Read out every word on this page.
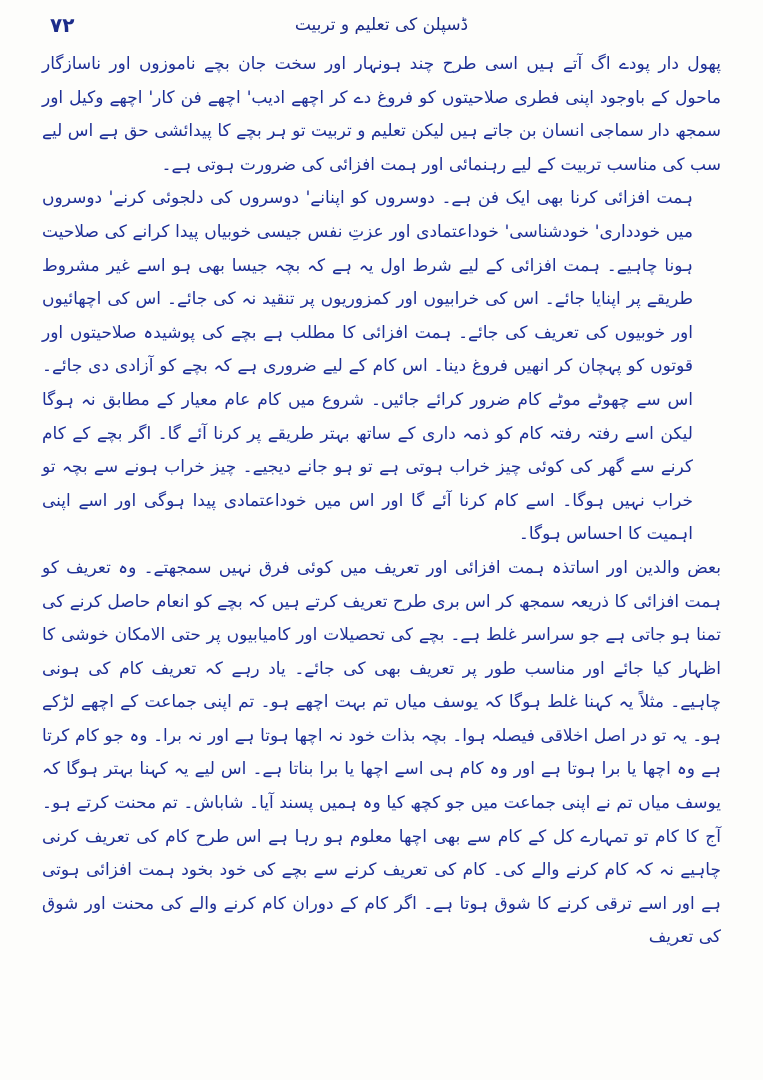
ڈسپلن کی تعلیم و تربیت
۷۲

پھول دار پودے اگ آتے ہیں اسی طرح چند ہونہار اور سخت جان بچے ناموزوں اور ناسازگار ماحول کے باوجود اپنی فطری صلاحیتوں کو فروغ دے کر اچھے ادیب' اچھے فن کار' اچھے وکیل اور سمجھ دار سماجی انسان بن جاتے ہیں لیکن تعلیم و تربیت تو ہر بچے کا پیدائشی حق ہے اس لیے سب کی مناسب تربیت کے لیے رہنمائی اور ہمت افزائی کی ضرورت ہوتی ہے۔

ہمت افزائی کرنا بھی ایک فن ہے۔ دوسروں کو اپنانے' دوسروں کی دلجوئی کرنے' دوسروں میں خودداری' خودشناسی' خوداعتمادی اور عزتِ نفس جیسی خوبیاں پیدا کرانے کی صلاحیت ہونا چاہیے۔ ہمت افزائی کے لیے شرط اول یہ ہے کہ بچہ جیسا بھی ہو اسے غیر مشروط طریقے پر اپنایا جائے۔ اس کی خرابیوں اور کمزوریوں پر تنقید نہ کی جائے۔ اس کی اچھائیوں اور خوبیوں کی تعریف کی جائے۔ ہمت افزائی کا مطلب ہے بچے کی پوشیدہ صلاحیتوں اور قوتوں کو پہچان کر انھیں فروغ دینا۔ اس کام کے لیے ضروری ہے کہ بچے کو آزادی دی جائے۔ اس سے چھوٹے موٹے کام ضرور کرائے جائیں۔ شروع میں کام عام معیار کے مطابق نہ ہوگا لیکن اسے رفتہ رفتہ کام کو ذمہ داری کے ساتھ بہتر طریقے پر کرنا آئے گا۔ اگر بچے کے کام کرنے سے گھر کی کوئی چیز خراب ہوتی ہے تو ہو جانے دیجیے۔ چیز خراب ہونے سے بچہ تو خراب نہیں ہوگا۔ اسے کام کرنا آئے گا اور اس میں خوداعتمادی پیدا ہوگی اور اسے اپنی اہمیت کا احساس ہوگا۔

بعض والدین اور اساتذہ ہمت افزائی اور تعریف میں کوئی فرق نہیں سمجھتے۔ وہ تعریف کو ہمت افزائی کا ذریعہ سمجھ کر اس بری طرح تعریف کرتے ہیں کہ بچے کو انعام حاصل کرنے کی تمنا ہو جاتی ہے جو سراسر غلط ہے۔ بچے کی تحصیلات اور کامیابیوں پر حتی الامکان خوشی کا اظہار کیا جائے اور مناسب طور پر تعریف بھی کی جائے۔ یاد رہے کہ تعریف کام کی ہونی چاہیے۔ مثلاً یہ کہنا غلط ہوگا کہ یوسف میاں تم بہت اچھے ہو۔ تم اپنی جماعت کے اچھے لڑکے ہو۔ یہ تو در اصل اخلاقی فیصلہ ہوا۔ بچہ بذات خود نہ اچھا ہوتا ہے اور نہ برا۔ وہ جو کام کرتا ہے وہ اچھا یا برا ہوتا ہے اور وہ کام ہی اسے اچھا یا برا بناتا ہے۔ اس لیے یہ کہنا بہتر ہوگا کہ یوسف میاں تم نے اپنی جماعت میں جو کچھ کیا وہ ہمیں پسند آیا۔ شاباش۔ تم محنت کرتے ہو۔ آج کا کام تو تمہارے کل کے کام سے بھی اچھا معلوم ہو رہا ہے اس طرح کام کی تعریف کرنی چاہیے نہ کہ کام کرنے والے کی۔ کام کی تعریف کرنے سے بچے کی خود بخود ہمت افزائی ہوتی ہے اور اسے ترقی کرنے کا شوق ہوتا ہے۔ اگر کام کے دوران کام کرنے والے کی محنت اور شوق کی تعریف
